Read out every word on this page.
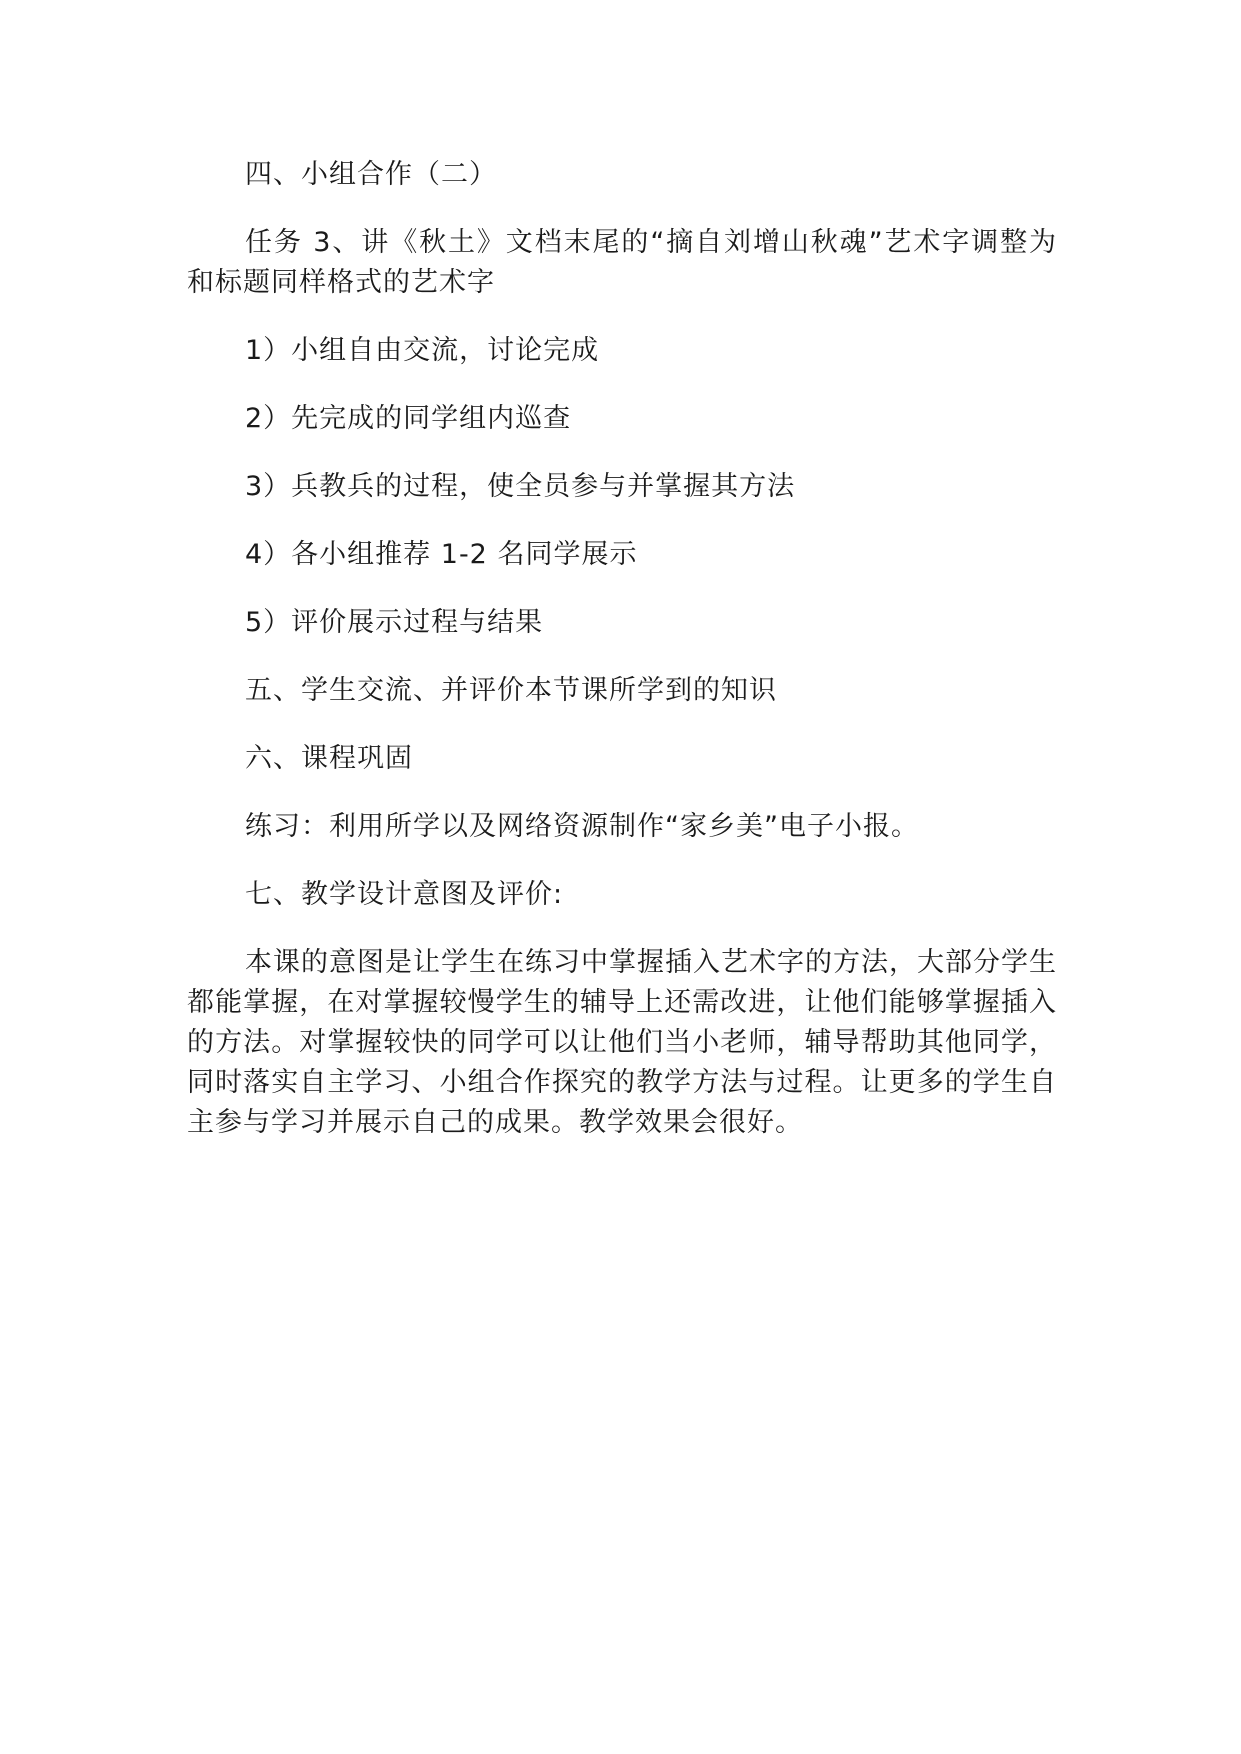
四、小组合作（二）

任务 3、讲《秋土》文档末尾的“摘自刘增山秋魂”艺术字调整为和标题同样格式的艺术字

1）小组自由交流，讨论完成

2）先完成的同学组内巡查

3）兵教兵的过程，使全员参与并掌握其方法

4）各小组推荐 1-2 名同学展示

5）评价展示过程与结果

五、学生交流、并评价本节课所学到的知识

六、课程巩固

练习：利用所学以及网络资源制作“家乡美”电子小报。

七、教学设计意图及评价:

本课的意图是让学生在练习中掌握插入艺术字的方法，大部分学生都能掌握，在对掌握较慢学生的辅导上还需改进，让他们能够掌握插入的方法。对掌握较快的同学可以让他们当小老师，辅导帮助其他同学，同时落实自主学习、小组合作探究的教学方法与过程。让更多的学生自主参与学习并展示自己的成果。教学效果会很好。
